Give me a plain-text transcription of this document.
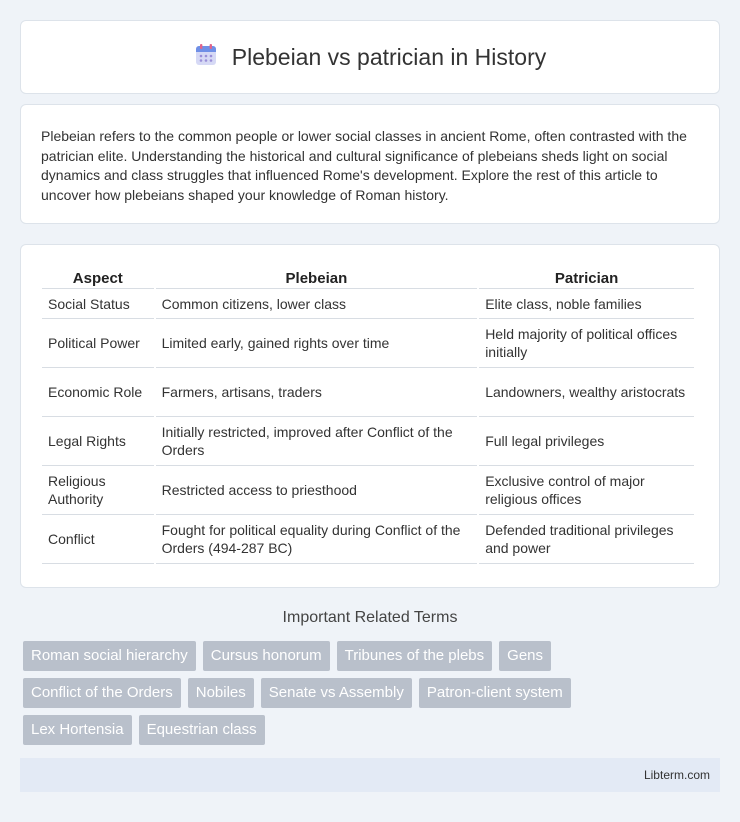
Plebeian vs patrician in History

Plebeian refers to the common people or lower social classes in ancient Rome, often contrasted with the patrician elite. Understanding the historical and cultural significance of plebeians sheds light on social dynamics and class struggles that influenced Rome's development. Explore the rest of this article to uncover how plebeians shaped your knowledge of Roman history.

Aspect	Plebeian	Patrician
Social Status	Common citizens, lower class	Elite class, noble families
Political Power	Limited early, gained rights over time	Held majority of political offices initially
Economic Role	Farmers, artisans, traders	Landowners, wealthy aristocrats
Legal Rights	Initially restricted, improved after Conflict of the Orders	Full legal privileges
Religious Authority	Restricted access to priesthood	Exclusive control of major religious offices
Conflict	Fought for political equality during Conflict of the Orders (494-287 BC)	Defended traditional privileges and power
Important Related Terms
Roman social hierarchy	Cursus honorum	Tribunes of the plebs	Gens
Conflict of the Orders	Nobiles	Senate vs Assembly	Patron-client system
Lex Hortensia	Equestrian class
Libterm.com
